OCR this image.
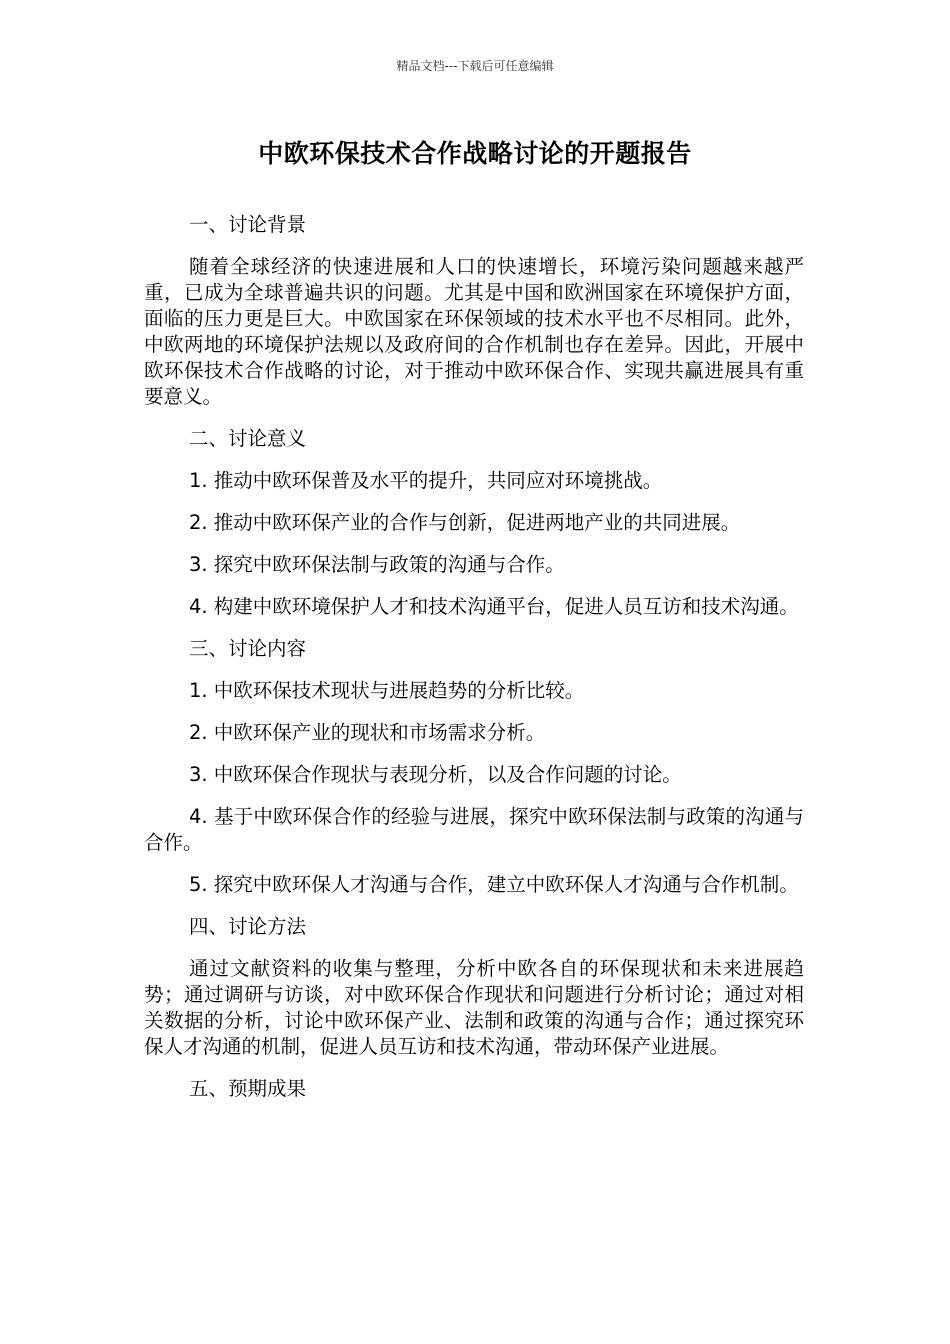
精品文档---下载后可任意编辑
中欧环保技术合作战略讨论的开题报告

一、讨论背景

随着全球经济的快速进展和人口的快速增长，环境污染问题越来越严重，已成为全球普遍共识的问题。尤其是中国和欧洲国家在环境保护方面，面临的压力更是巨大。中欧国家在环保领域的技术水平也不尽相同。此外，中欧两地的环境保护法规以及政府间的合作机制也存在差异。因此，开展中欧环保技术合作战略的讨论，对于推动中欧环保合作、实现共赢进展具有重要意义。

二、讨论意义

1. 推动中欧环保普及水平的提升，共同应对环境挑战。

2. 推动中欧环保产业的合作与创新，促进两地产业的共同进展。

3. 探究中欧环保法制与政策的沟通与合作。

4. 构建中欧环境保护人才和技术沟通平台，促进人员互访和技术沟通。

三、讨论内容

1. 中欧环保技术现状与进展趋势的分析比较。

2. 中欧环保产业的现状和市场需求分析。

3. 中欧环保合作现状与表现分析，以及合作问题的讨论。

4. 基于中欧环保合作的经验与进展，探究中欧环保法制与政策的沟通与合作。

5. 探究中欧环保人才沟通与合作，建立中欧环保人才沟通与合作机制。

四、讨论方法

通过文献资料的收集与整理，分析中欧各自的环保现状和未来进展趋势；通过调研与访谈，对中欧环保合作现状和问题进行分析讨论；通过对相关数据的分析，讨论中欧环保产业、法制和政策的沟通与合作；通过探究环保人才沟通的机制，促进人员互访和技术沟通，带动环保产业进展。

五、预期成果
